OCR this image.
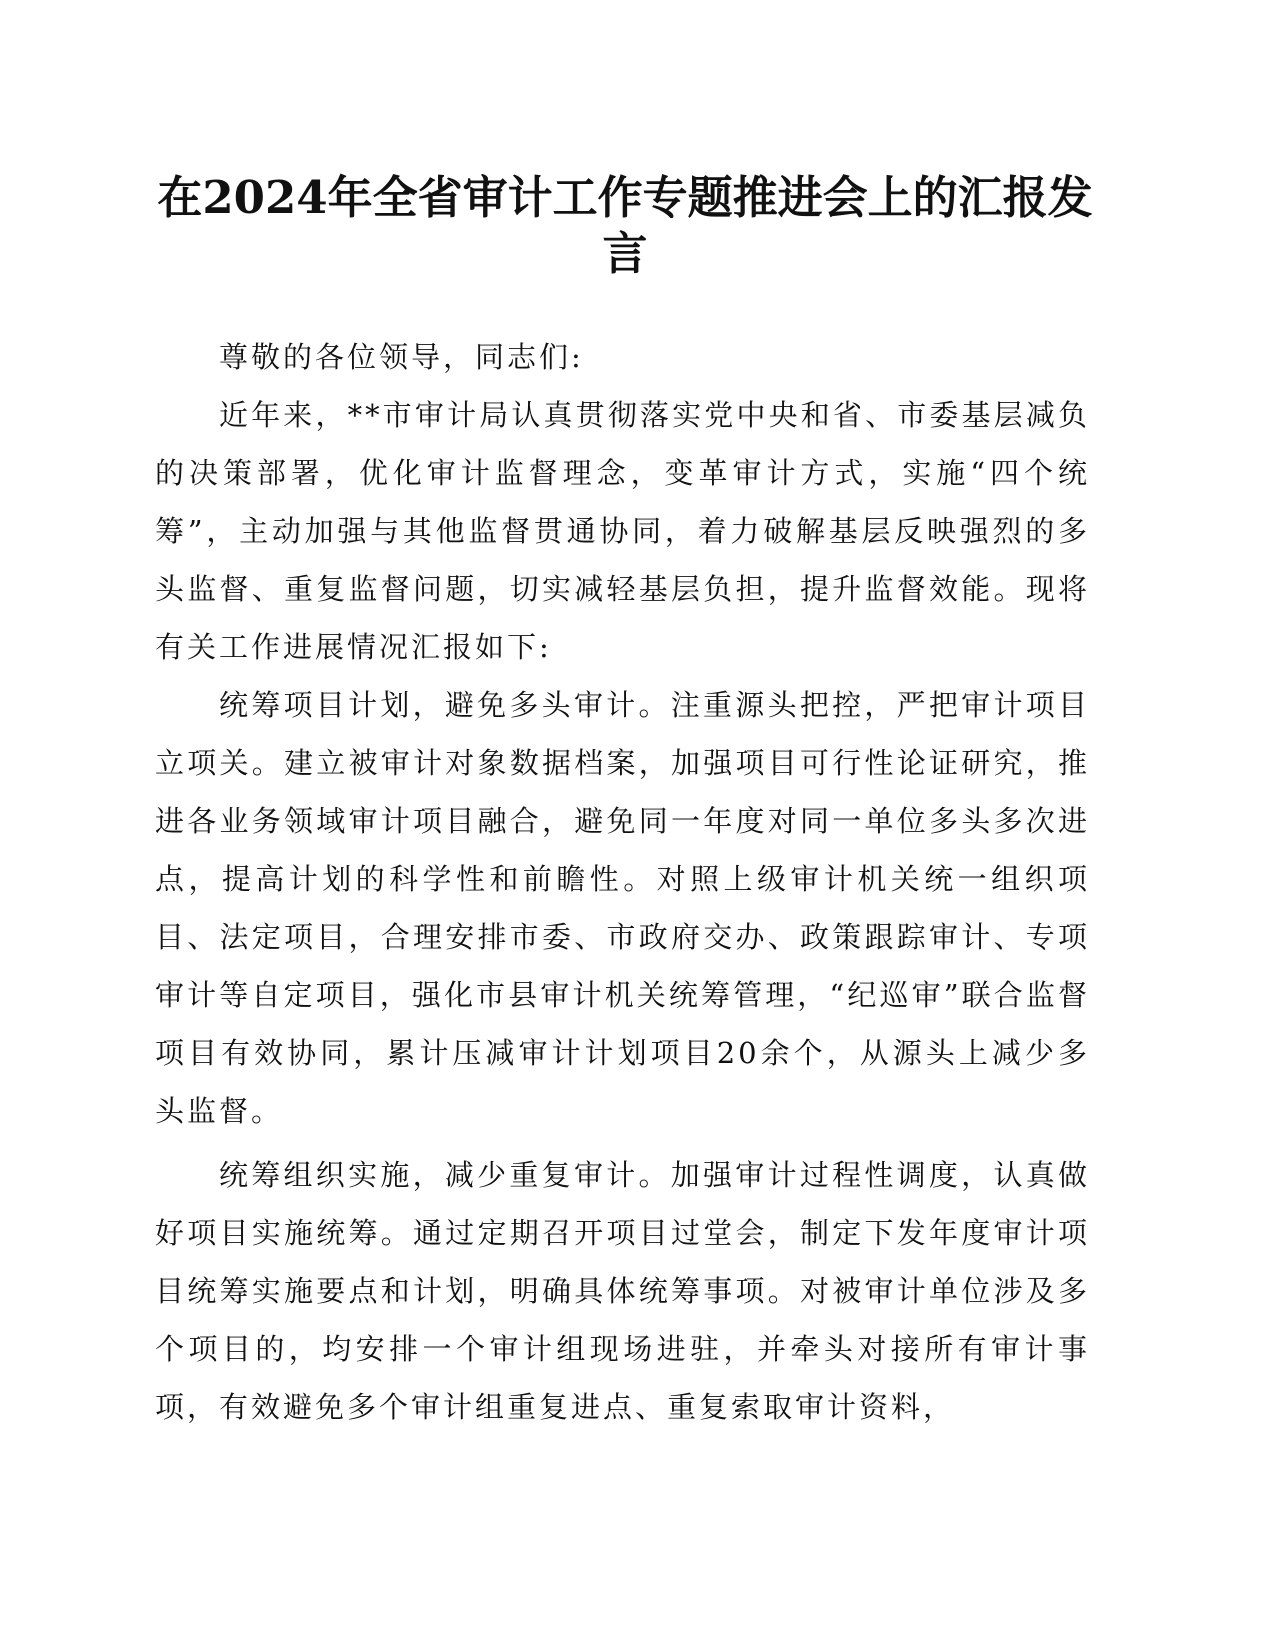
在2024年全省审计工作专题推进会上的汇报发言

尊敬的各位领导，同志们:

近年来，**市审计局认真贯彻落实党中央和省、市委基层减负的决策部署，优化审计监督理念，变革审计方式，实施“四个统筹”，主动加强与其他监督贯通协同，着力破解基层反映强烈的多头监督、重复监督问题，切实减轻基层负担，提升监督效能。现将有关工作进展情况汇报如下:

统筹项目计划，避免多头审计。注重源头把控，严把审计项目立项关。建立被审计对象数据档案，加强项目可行性论证研究，推进各业务领域审计项目融合，避免同一年度对同一单位多头多次进点，提高计划的科学性和前瞻性。对照上级审计机关统一组织项目、法定项目，合理安排市委、市政府交办、政策跟踪审计、专项审计等自定项目，强化市县审计机关统筹管理，“纪巡审”联合监督项目有效协同，累计压减审计计划项目20余个，从源头上减少多头监督。

统筹组织实施，减少重复审计。加强审计过程性调度，认真做好项目实施统筹。通过定期召开项目过堂会，制定下发年度审计项目统筹实施要点和计划，明确具体统筹事项。对被审计单位涉及多个项目的，均安排一个审计组现场进驻，并牵头对接所有审计事项，有效避免多个审计组重复进点、重复索取审计资料，
